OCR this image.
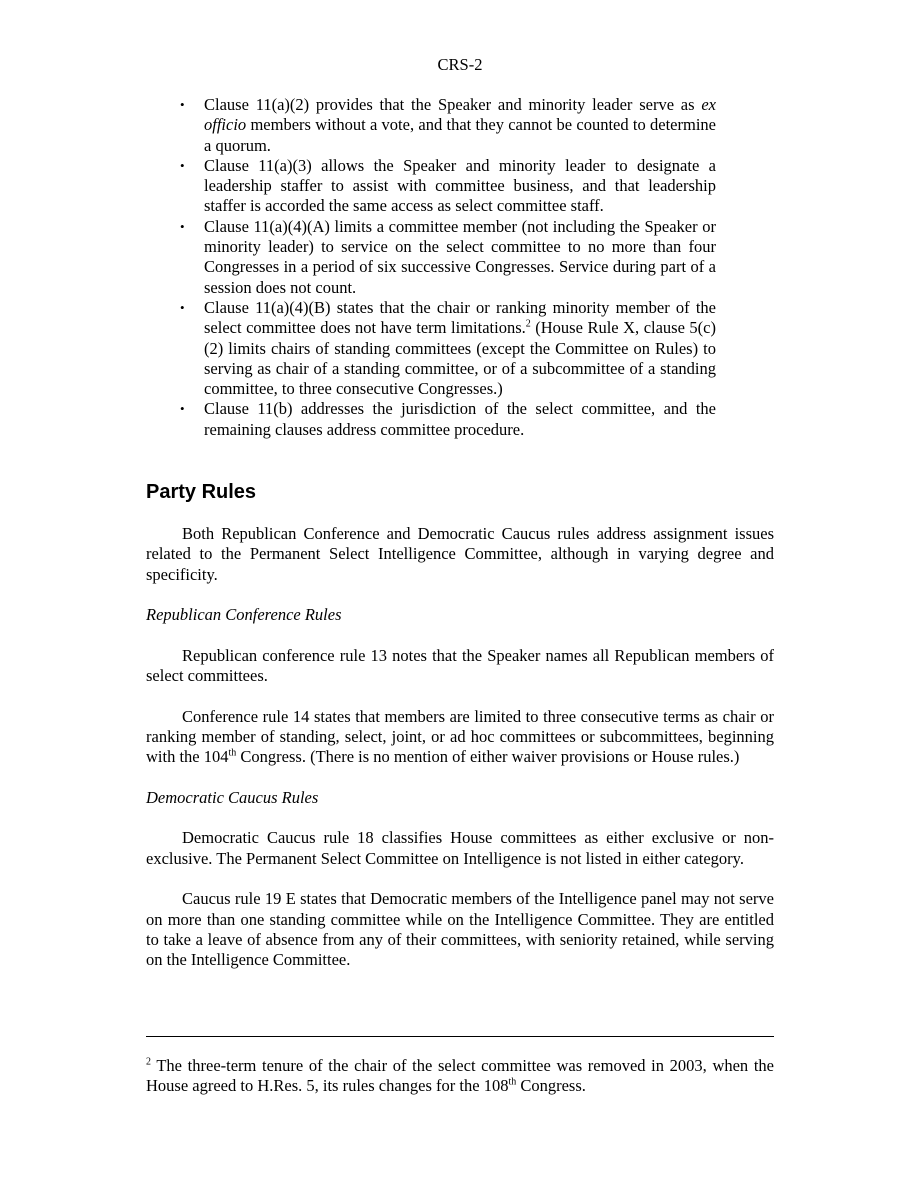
CRS-2
• Clause 11(a)(2) provides that the Speaker and minority leader serve as ex officio members without a vote, and that they cannot be counted to determine a quorum.
• Clause 11(a)(3) allows the Speaker and minority leader to designate a leadership staffer to assist with committee business, and that leadership staffer is accorded the same access as select committee staff.
• Clause 11(a)(4)(A) limits a committee member (not including the Speaker or minority leader) to service on the select committee to no more than four Congresses in a period of six successive Congresses. Service during part of a session does not count.
• Clause 11(a)(4)(B) states that the chair or ranking minority member of the select committee does not have term limitations.$^2$ (House Rule X, clause 5(c)(2) limits chairs of standing committees (except the Committee on Rules) to serving as chair of a standing committee, or of a subcommittee of a standing committee, to three consecutive Congresses.)
• Clause 11(b) addresses the jurisdiction of the select committee, and the remaining clauses address committee procedure.
Party Rules

Both Republican Conference and Democratic Caucus rules address assignment issues related to the Permanent Select Intelligence Committee, although in varying degree and specificity.

Republican Conference Rules

Republican conference rule 13 notes that the Speaker names all Republican members of select committees.

Conference rule 14 states that members are limited to three consecutive terms as chair or ranking member of standing, select, joint, or ad hoc committees or subcommittees, beginning with the 104th Congress. (There is no mention of either waiver provisions or House rules.)

Democratic Caucus Rules

Democratic Caucus rule 18 classifies House committees as either exclusive or non-exclusive. The Permanent Select Committee on Intelligence is not listed in either category.

Caucus rule 19 E states that Democratic members of the Intelligence panel may not serve on more than one standing committee while on the Intelligence Committee. They are entitled to take a leave of absence from any of their committees, with seniority retained, while serving on the Intelligence Committee.

$^2$ The three-term tenure of the chair of the select committee was removed in 2003, when the House agreed to H.Res. 5, its rules changes for the 108th Congress.
